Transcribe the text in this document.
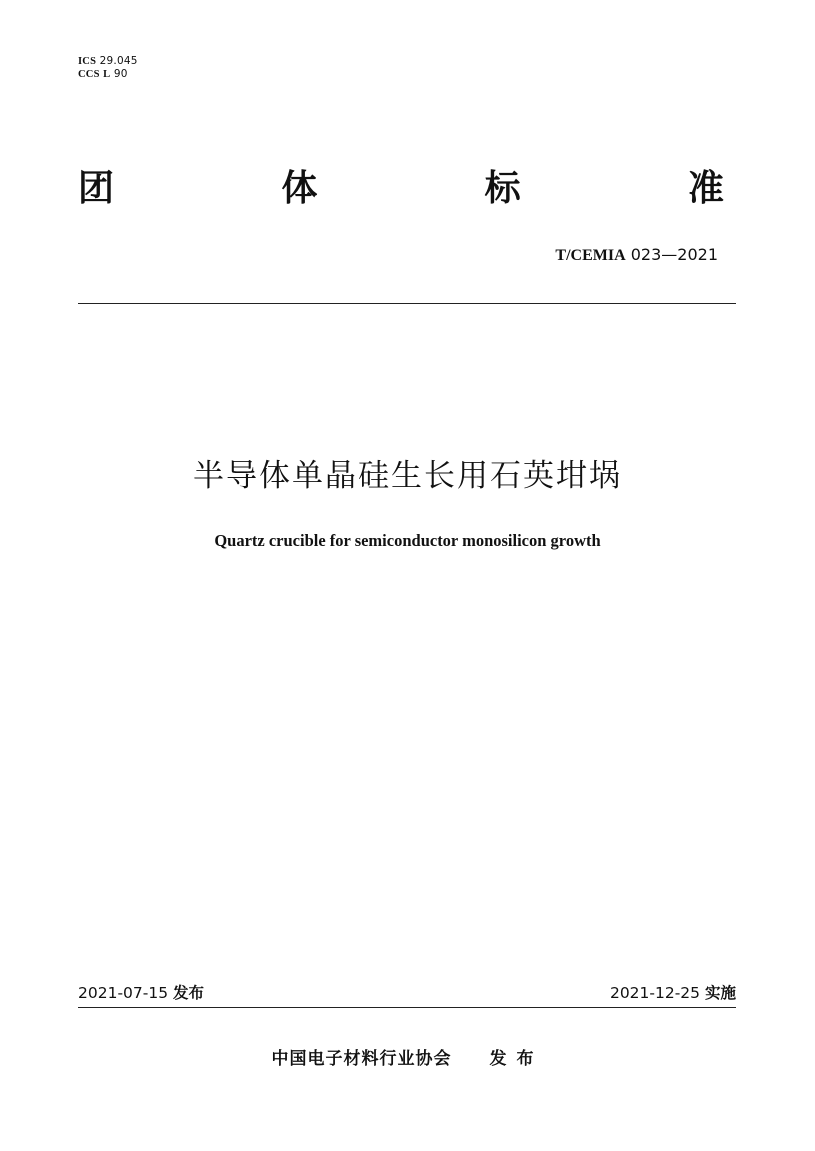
ICS 29.045
CCS L 90
团	体	标	准
T/CEMIA 023—2021
半导体单晶硅生长用石英坩埚
Quartz crucible for semiconductor monosilicon growth
2021-07-15 发布	2021-12-25 实施
中国电子材料行业协会 发布
